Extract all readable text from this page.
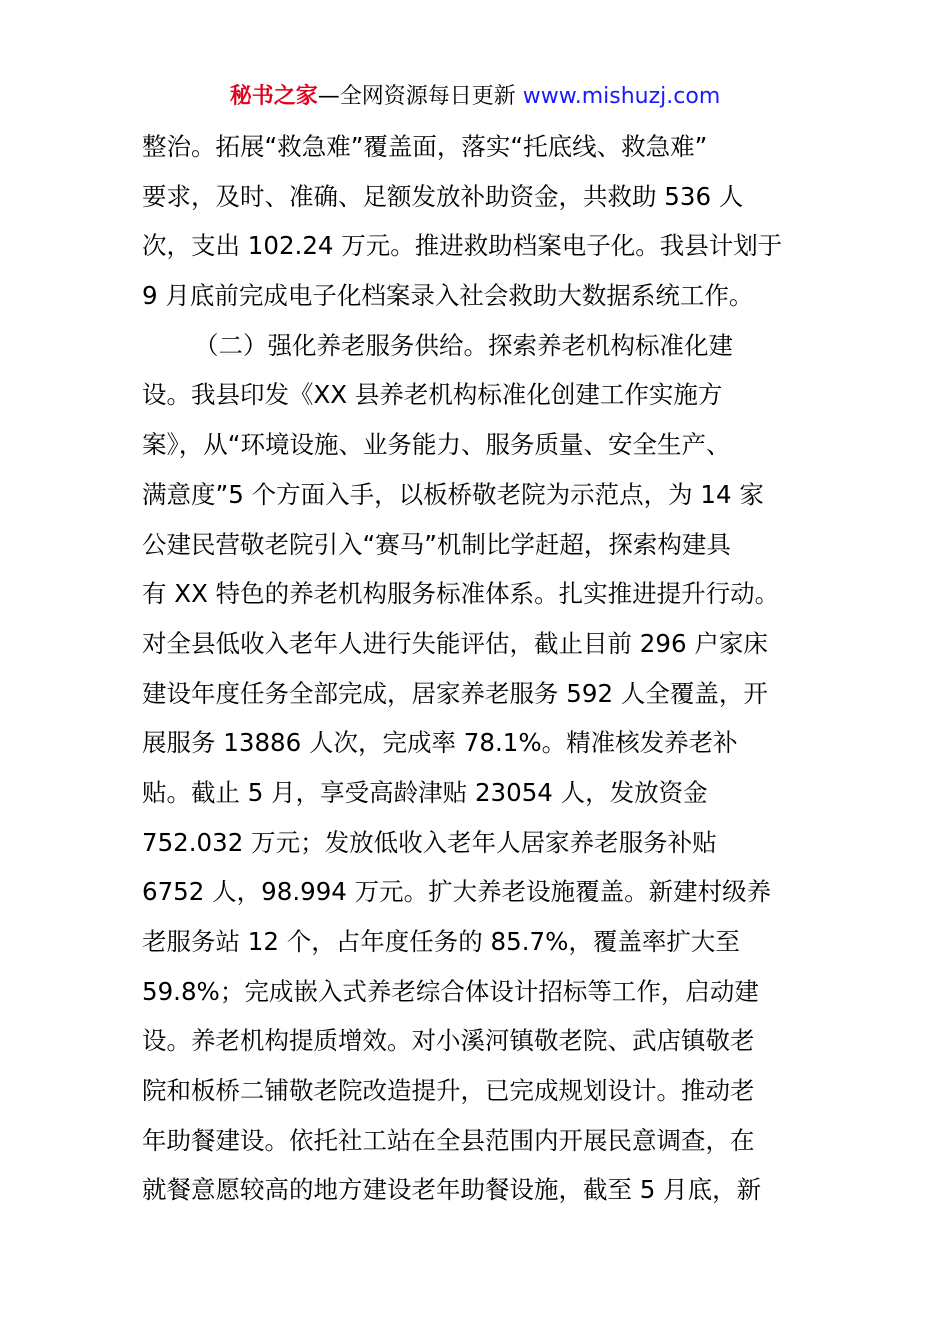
秘书之家—全网资源每日更新 www.mishuzj.com
整治。拓展“救急难”覆盖面，落实“托底线、救急难”
要求，及时、准确、足额发放补助资金，共救助 536 人
次，支出 102.24 万元。推进救助档案电子化。我县计划于
9 月底前完成电子化档案录入社会救助大数据系统工作。
（二）强化养老服务供给。探索养老机构标准化建
设。我县印发《XX 县养老机构标准化创建工作实施方
案》，从“环境设施、业务能力、服务质量、安全生产、
满意度”5 个方面入手，以板桥敬老院为示范点，为 14 家
公建民营敬老院引入“赛马”机制比学赶超，探索构建具
有 XX 特色的养老机构服务标准体系。扎实推进提升行动。
对全县低收入老年人进行失能评估，截止目前 296 户家床
建设年度任务全部完成，居家养老服务 592 人全覆盖，开
展服务 13886 人次，完成率 78.1%。精准核发养老补
贴。截止 5 月，享受高龄津贴 23054 人，发放资金
752.032 万元；发放低收入老年人居家养老服务补贴
6752 人，98.994 万元。扩大养老设施覆盖。新建村级养
老服务站 12 个，占年度任务的 85.7%，覆盖率扩大至
59.8%；完成嵌入式养老综合体设计招标等工作，启动建
设。养老机构提质增效。对小溪河镇敬老院、武店镇敬老
院和板桥二铺敬老院改造提升，已完成规划设计。推动老
年助餐建设。依托社工站在全县范围内开展民意调查，在
就餐意愿较高的地方建设老年助餐设施，截至 5 月底，新
